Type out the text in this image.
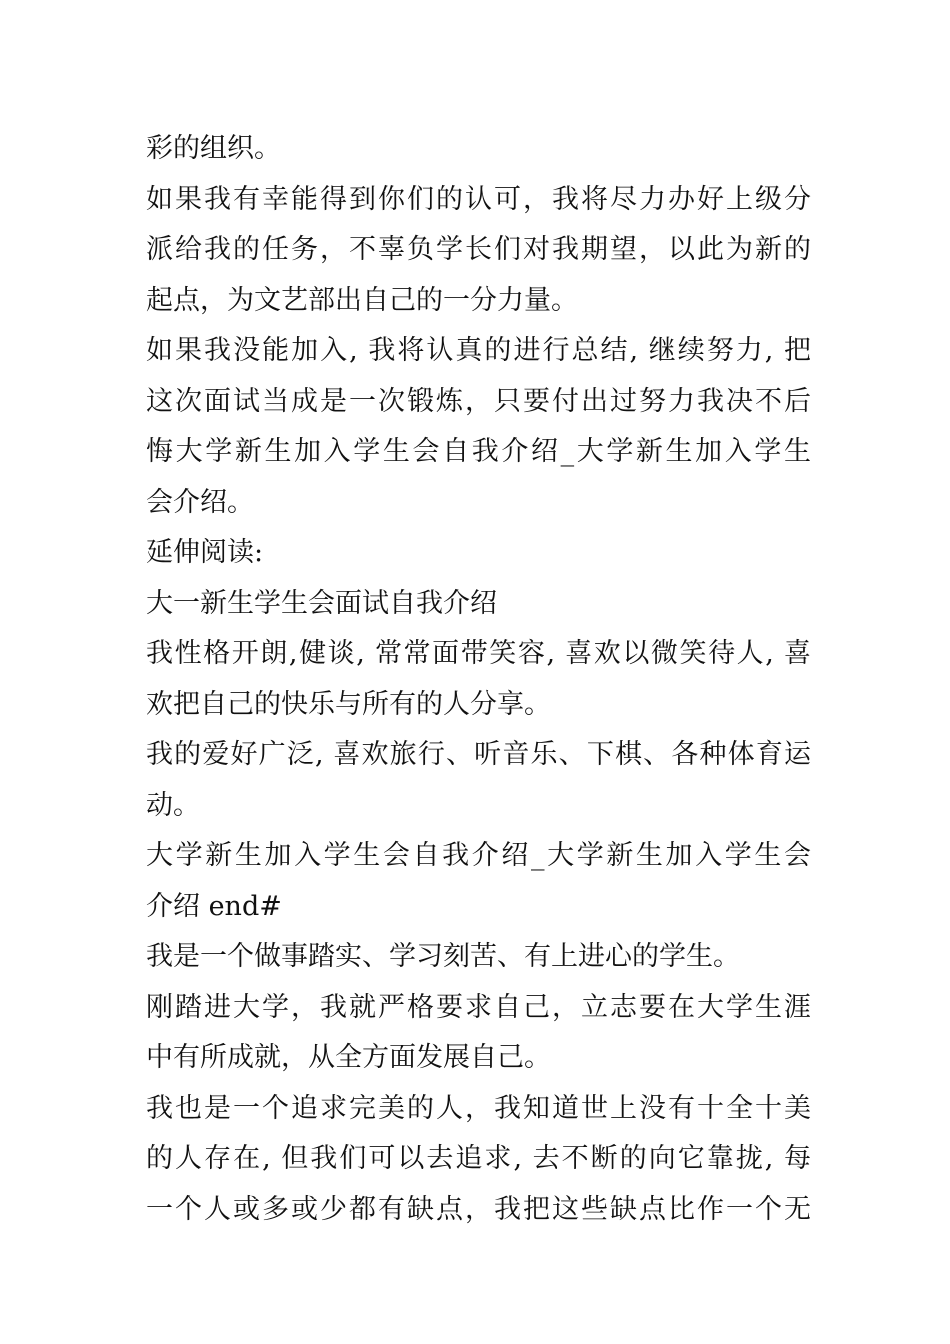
彩的组织。
如果我有幸能得到你们的认可，我将尽力办好上级分
派给我的任务，不辜负学长们对我期望，以此为新的
起点，为文艺部出自己的一分力量。
如果我没能加入, 我将认真的进行总结, 继续努力, 把
这次面试当成是一次锻炼，只要付出过努力我决不后
悔大学新生加入学生会自我介绍_大学新生加入学生
会介绍。
延伸阅读:
大一新生学生会面试自我介绍
我性格开朗,健谈, 常常面带笑容, 喜欢以微笑待人, 喜
欢把自己的快乐与所有的人分享。
我的爱好广泛, 喜欢旅行、听音乐、下棋、各种体育运
动。
大学新生加入学生会自我介绍_大学新生加入学生会
介绍 end#
我是一个做事踏实、学习刻苦、有上进心的学生。
刚踏进大学，我就严格要求自己，立志要在大学生涯
中有所成就，从全方面发展自己。
我也是一个追求完美的人，我知道世上没有十全十美
的人存在, 但我们可以去追求, 去不断的向它靠拢, 每
一个人或多或少都有缺点，我把这些缺点比作一个无
